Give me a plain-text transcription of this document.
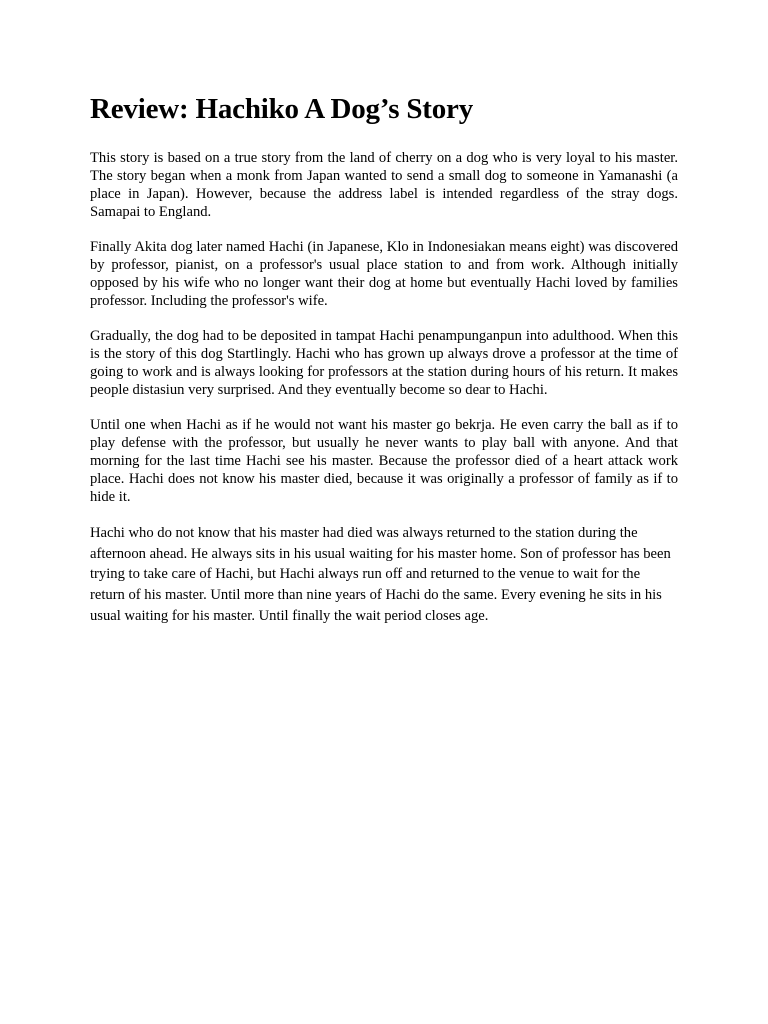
Review: Hachiko A Dog’s Story

This story is based on a true story from the land of cherry on a dog who is very loyal to his master. The story began when a monk from Japan wanted to send a small dog to someone in Yamanashi (a place in Japan). However, because the address label is intended regardless of the stray dogs. Samapai to England.

Finally Akita dog later named Hachi (in Japanese, Klo in Indonesiakan means eight) was discovered by professor, pianist, on a professor's usual place station to and from work. Although initially opposed by his wife who no longer want their dog at home but eventually Hachi loved by families professor. Including the professor's wife.

Gradually, the dog had to be deposited in tampat Hachi penampunganpun into adulthood. When this is the story of this dog Startlingly. Hachi who has grown up always drove a professor at the time of going to work and is always looking for professors at the station during hours of his return. It makes people distasiun very surprised. And they eventually become so dear to Hachi.

Until one when Hachi as if he would not want his master go bekrja. He even carry the ball as if to play defense with the professor, but usually he never wants to play ball with anyone. And that morning for the last time Hachi see his master. Because the professor died of a heart attack work place. Hachi does not know his master died, because it was originally a professor of family as if to hide it.

Hachi who do not know that his master had died was always returned to the station during the afternoon ahead. He always sits in his usual waiting for his master home. Son of professor has been trying to take care of Hachi, but Hachi always run off and returned to the venue to wait for the return of his master. Until more than nine years of Hachi do the same. Every evening he sits in his usual waiting for his master. Until finally the wait period closes age.
